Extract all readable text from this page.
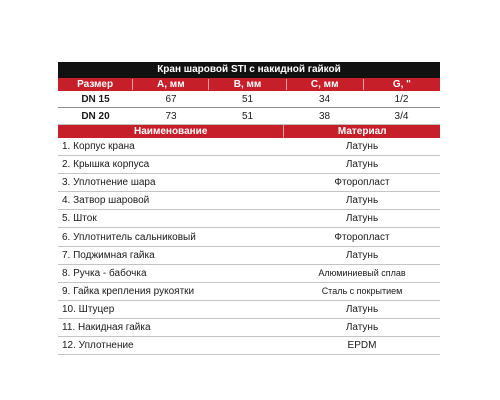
Кран шаровой STI с накидной гайкой
Размер	A, мм	B, мм	C, мм	G, "
DN 15	67	51	34	1/2
DN 20	73	51	38	3/4
Наименование	Материал
1. Корпус крана	Латунь
2. Крышка корпуса	Латунь
3. Уплотнение шара	Фторопласт
4. Затвор шаровой	Латунь
5. Шток	Латунь
6. Уплотнитель сальниковый	Фторопласт
7. Поджимная гайка	Латунь
8. Ручка - бабочка	Алюминиевый сплав
9. Гайка крепления рукоятки	Сталь с покрытием
10. Штуцер	Латунь
11. Накидная гайка	Латунь
12. Уплотнение	EPDM
